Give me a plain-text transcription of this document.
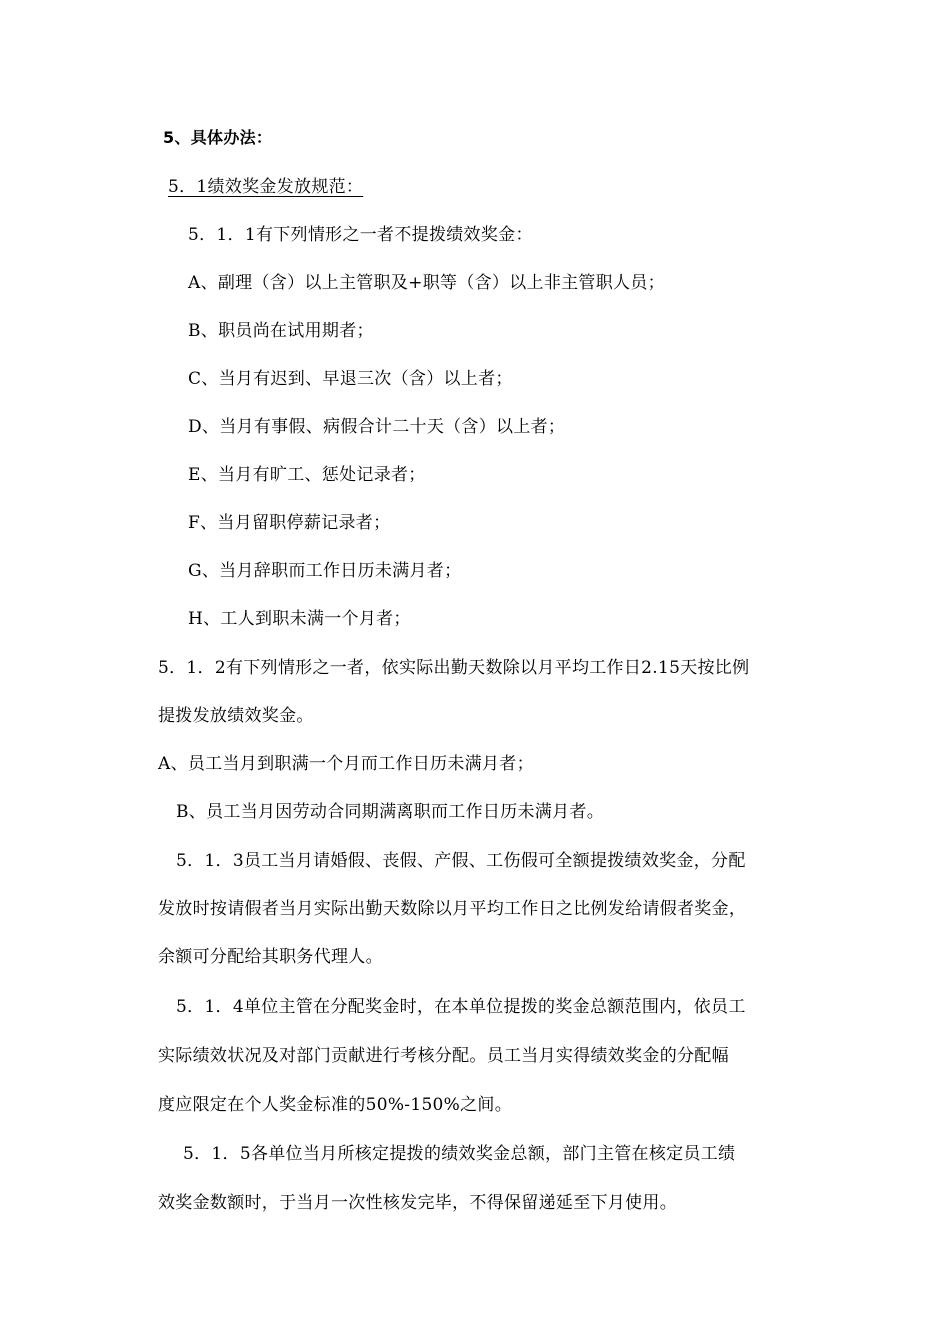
5、具体办法：
5．1绩效奖金发放规范：
5．1．1有下列情形之一者不提拨绩效奖金：
A、副理（含）以上主管职及+职等（含）以上非主管职人员；
B、职员尚在试用期者；
C、当月有迟到、早退三次（含）以上者；
D、当月有事假、病假合计二十天（含）以上者；
E、当月有旷工、惩处记录者；
F、当月留职停薪记录者；
G、当月辞职而工作日历未满月者；
H、工人到职未满一个月者；
5．1．2有下列情形之一者，依实际出勤天数除以月平均工作日2.15天按比例
提拨发放绩效奖金。
A、员工当月到职满一个月而工作日历未满月者；
B、员工当月因劳动合同期满离职而工作日历未满月者。
5．1．3员工当月请婚假、丧假、产假、工伤假可全额提拨绩效奖金，分配
发放时按请假者当月实际出勤天数除以月平均工作日之比例发给请假者奖金，
余额可分配给其职务代理人。
5．1．4单位主管在分配奖金时，在本单位提拨的奖金总额范围内，依员工
实际绩效状况及对部门贡献进行考核分配。员工当月实得绩效奖金的分配幅
度应限定在个人奖金标准的50%-150%之间。
5．1．5各单位当月所核定提拨的绩效奖金总额，部门主管在核定员工绩
效奖金数额时，于当月一次性核发完毕，不得保留递延至下月使用。
